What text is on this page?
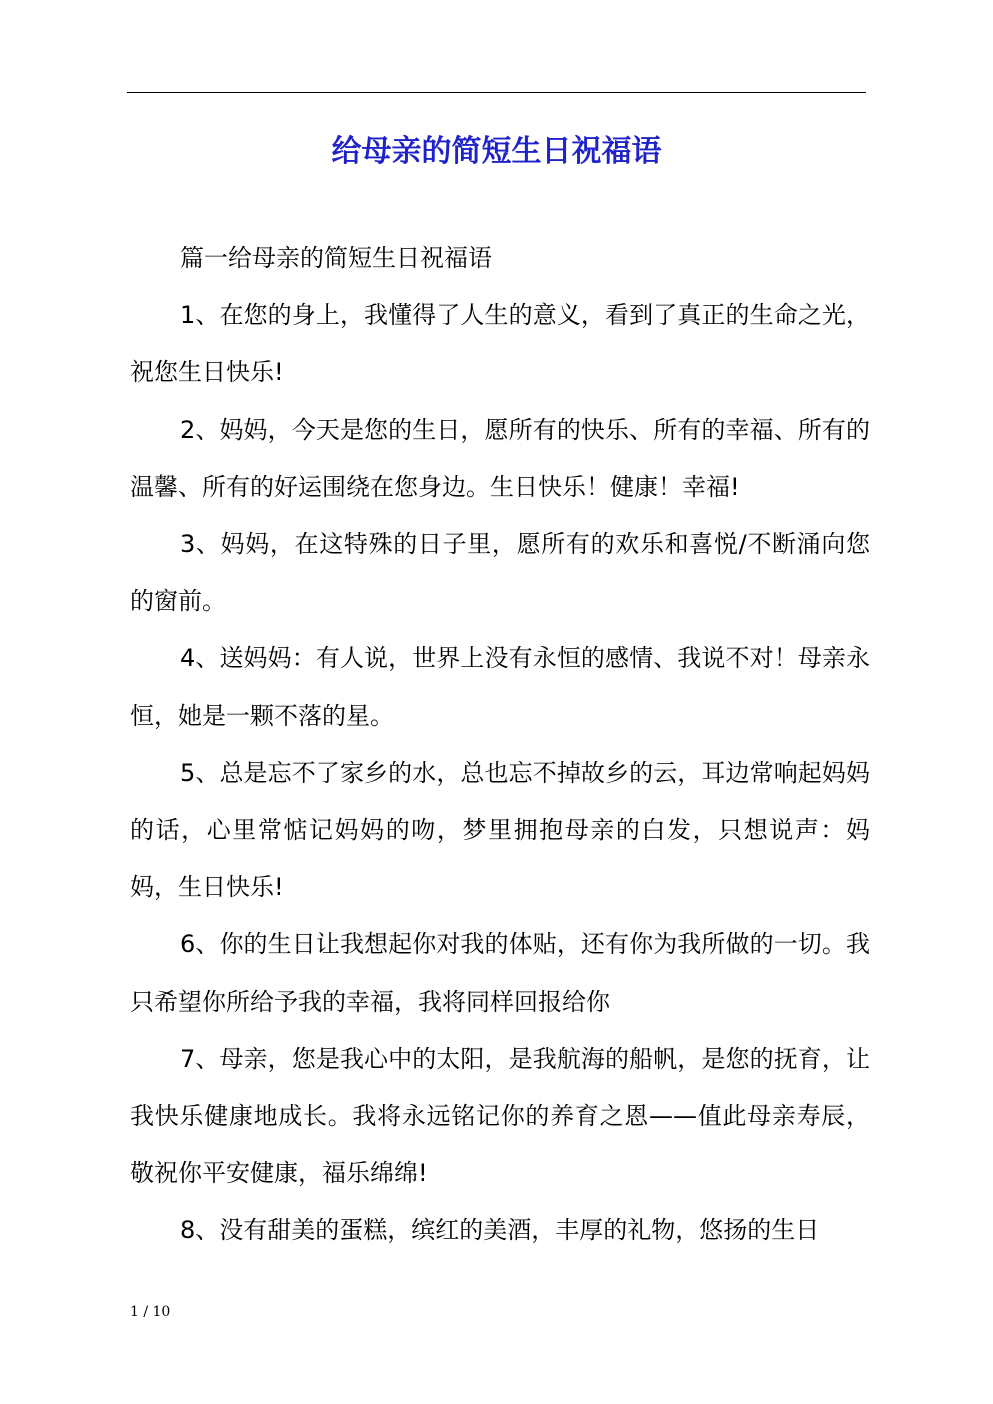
给母亲的简短生日祝福语

篇一给母亲的简短生日祝福语

1、在您的身上，我懂得了人生的意义，看到了真正的生命之光，祝您生日快乐!

2、妈妈，今天是您的生日，愿所有的快乐、所有的幸福、所有的温馨、所有的好运围绕在您身边。生日快乐！健康！幸福!

3、妈妈，在这特殊的日子里，愿所有的欢乐和喜悦/不断涌向您的窗前。

4、送妈妈：有人说，世界上没有永恒的感情、我说不对！母亲永恒，她是一颗不落的星。

5、总是忘不了家乡的水，总也忘不掉故乡的云，耳边常响起妈妈的话，心里常惦记妈妈的吻，梦里拥抱母亲的白发，只想说声：妈妈，生日快乐!

6、你的生日让我想起你对我的体贴，还有你为我所做的一切。我只希望你所给予我的幸福，我将同样回报给你

7、母亲，您是我心中的太阳，是我航海的船帆，是您的抚育，让我快乐健康地成长。我将永远铭记你的养育之恩——值此母亲寿辰，敬祝你平安健康，福乐绵绵!

8、没有甜美的蛋糕，缤红的美酒，丰厚的礼物，悠扬的生日

1 / 10
